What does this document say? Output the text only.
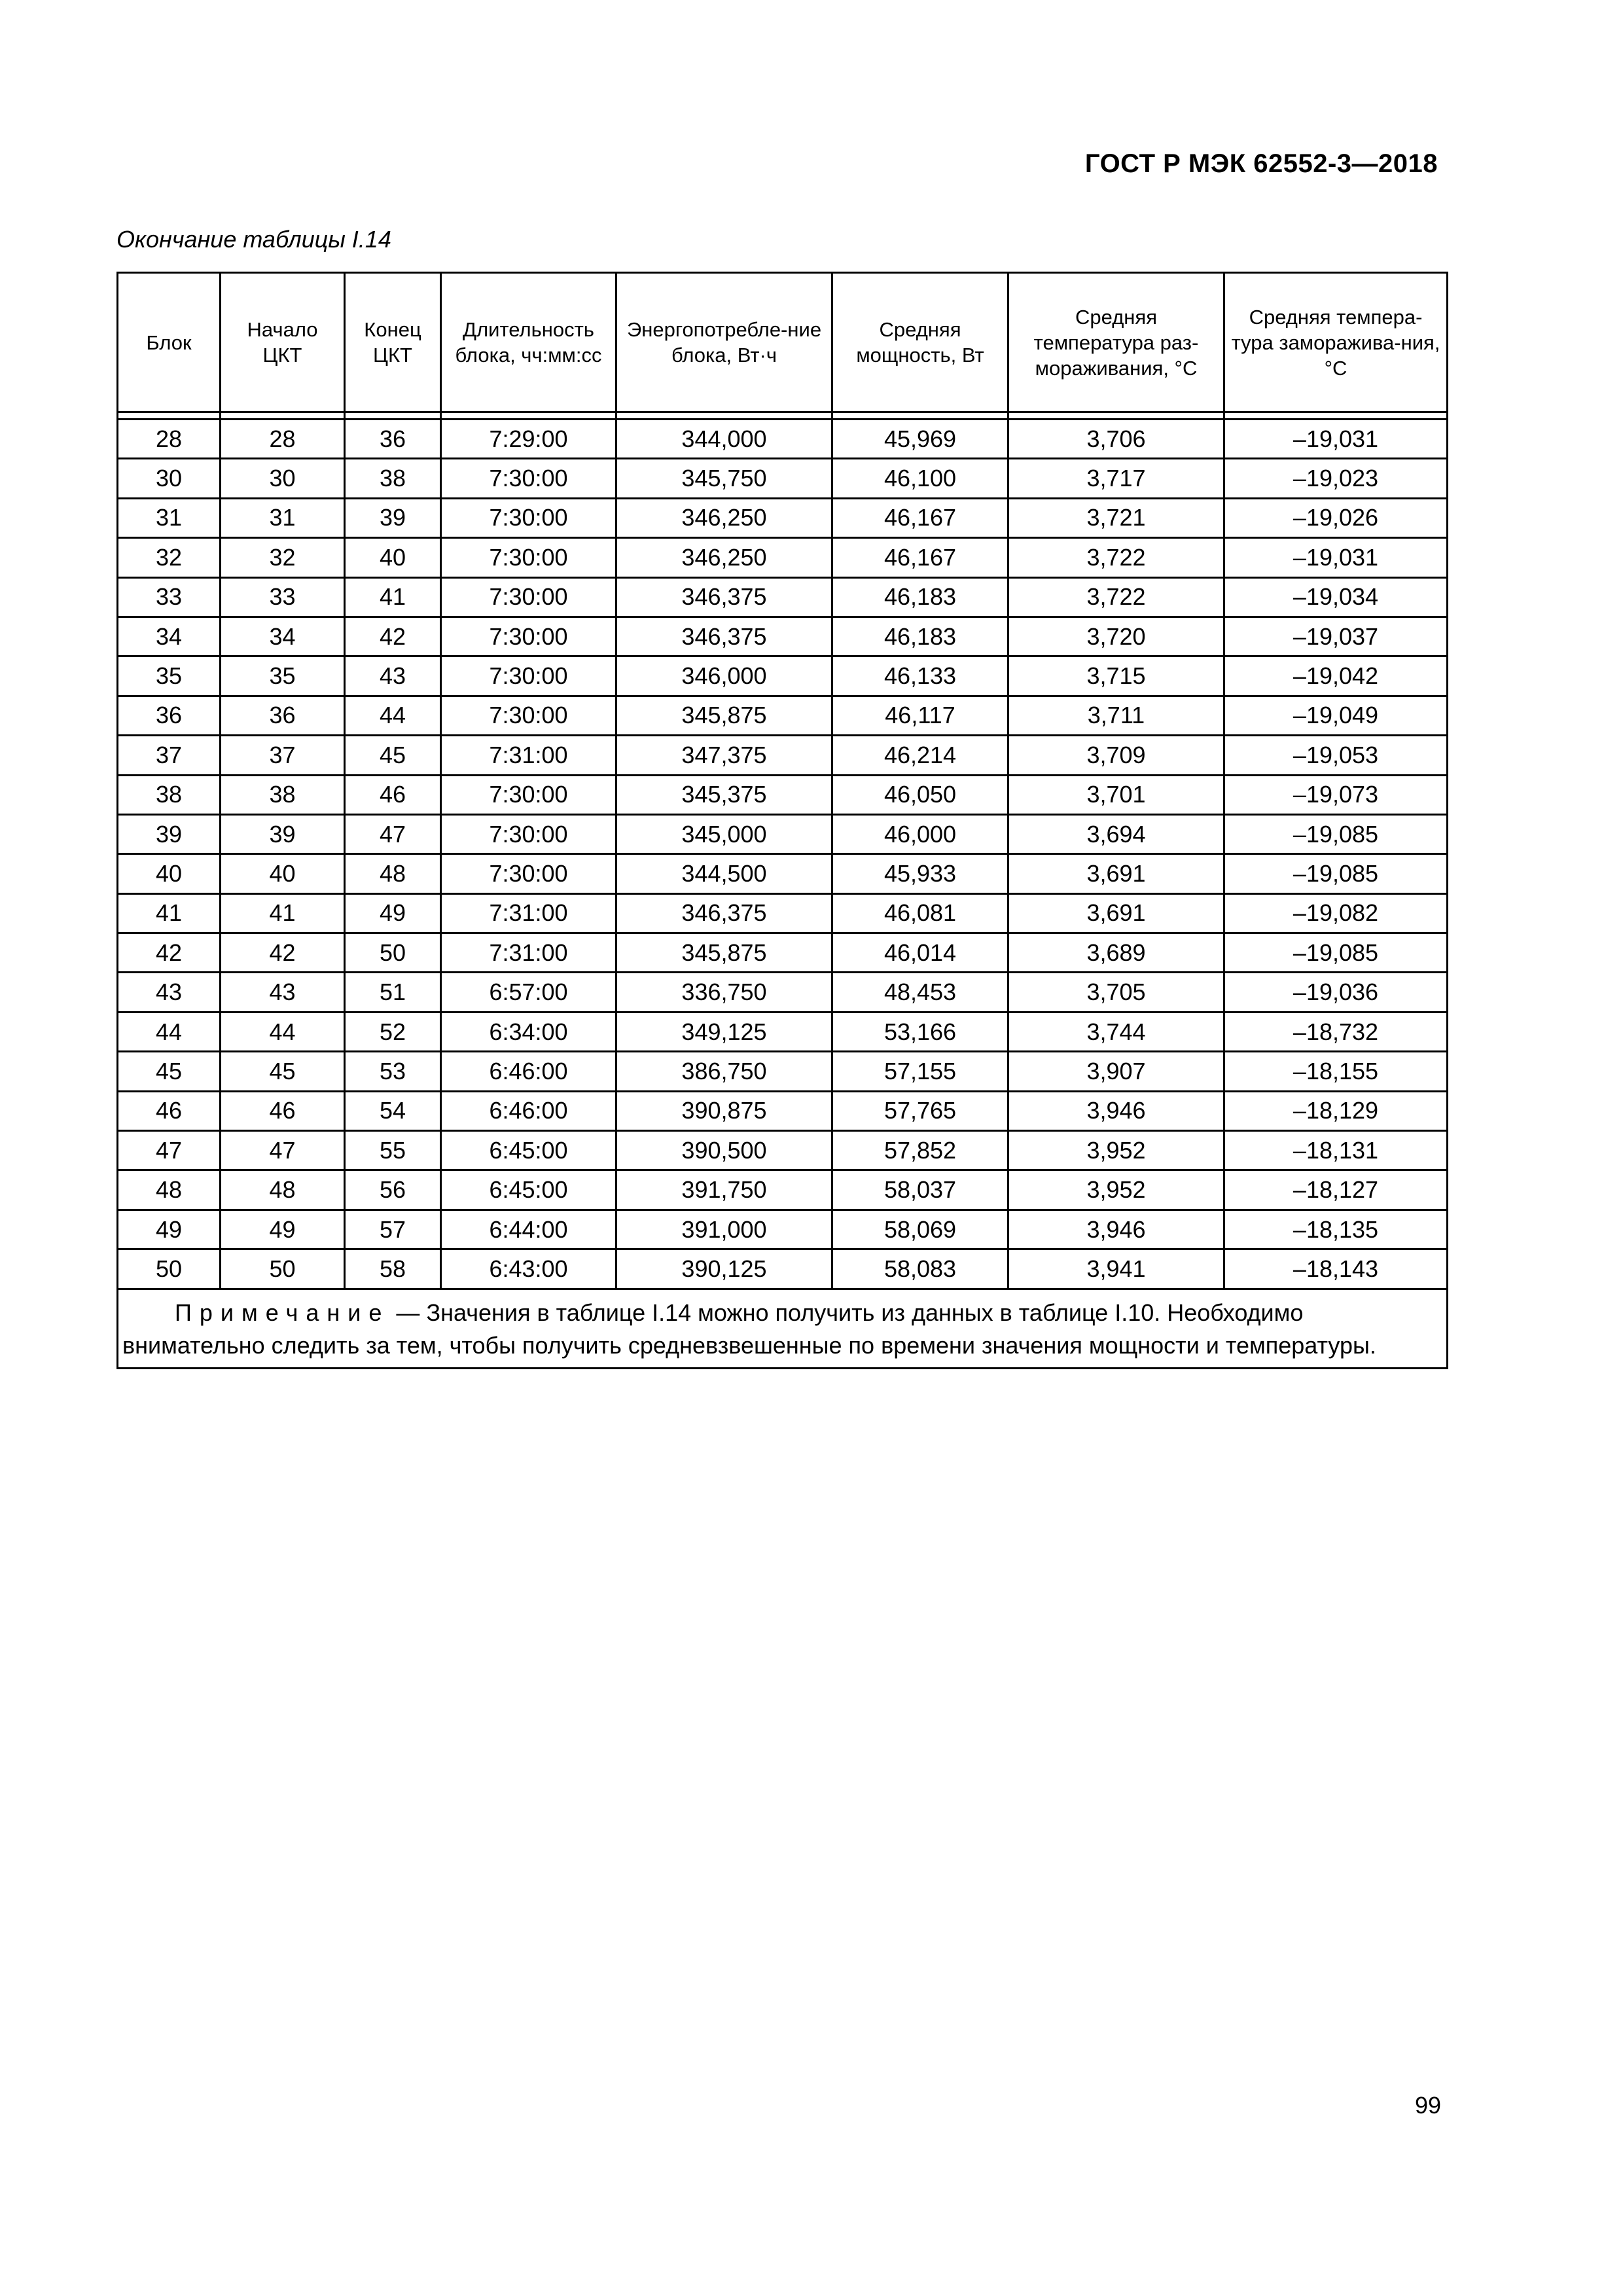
ГОСТ Р МЭК 62552-3—2018
Окончание таблицы I.14
Блок	Начало ЦКТ	Конец ЦКТ	Длительность блока, чч:мм:сс	Энергопотребле-ние блока, Вт·ч	Средняя мощность, Вт	Средняя температура раз-мораживания, °С	Средняя темпера-тура заморажива-ния, °С

28	28	36	7:29:00	344,000	45,969	3,706	–19,031
30	30	38	7:30:00	345,750	46,100	3,717	–19,023
31	31	39	7:30:00	346,250	46,167	3,721	–19,026
32	32	40	7:30:00	346,250	46,167	3,722	–19,031
33	33	41	7:30:00	346,375	46,183	3,722	–19,034
34	34	42	7:30:00	346,375	46,183	3,720	–19,037
35	35	43	7:30:00	346,000	46,133	3,715	–19,042
36	36	44	7:30:00	345,875	46,117	3,711	–19,049
37	37	45	7:31:00	347,375	46,214	3,709	–19,053
38	38	46	7:30:00	345,375	46,050	3,701	–19,073
39	39	47	7:30:00	345,000	46,000	3,694	–19,085
40	40	48	7:30:00	344,500	45,933	3,691	–19,085
41	41	49	7:31:00	346,375	46,081	3,691	–19,082
42	42	50	7:31:00	345,875	46,014	3,689	–19,085
43	43	51	6:57:00	336,750	48,453	3,705	–19,036
44	44	52	6:34:00	349,125	53,166	3,744	–18,732
45	45	53	6:46:00	386,750	57,155	3,907	–18,155
46	46	54	6:46:00	390,875	57,765	3,946	–18,129
47	47	55	6:45:00	390,500	57,852	3,952	–18,131
48	48	56	6:45:00	391,750	58,037	3,952	–18,127
49	49	57	6:44:00	391,000	58,069	3,946	–18,135
50	50	58	6:43:00	390,125	58,083	3,941	–18,143
Примечание — Значения в таблице I.14 можно получить из данных в таблице I.10. Необходимо внимательно следить за тем, чтобы получить средневзвешенные по времени значения мощности и температуры.							
99
